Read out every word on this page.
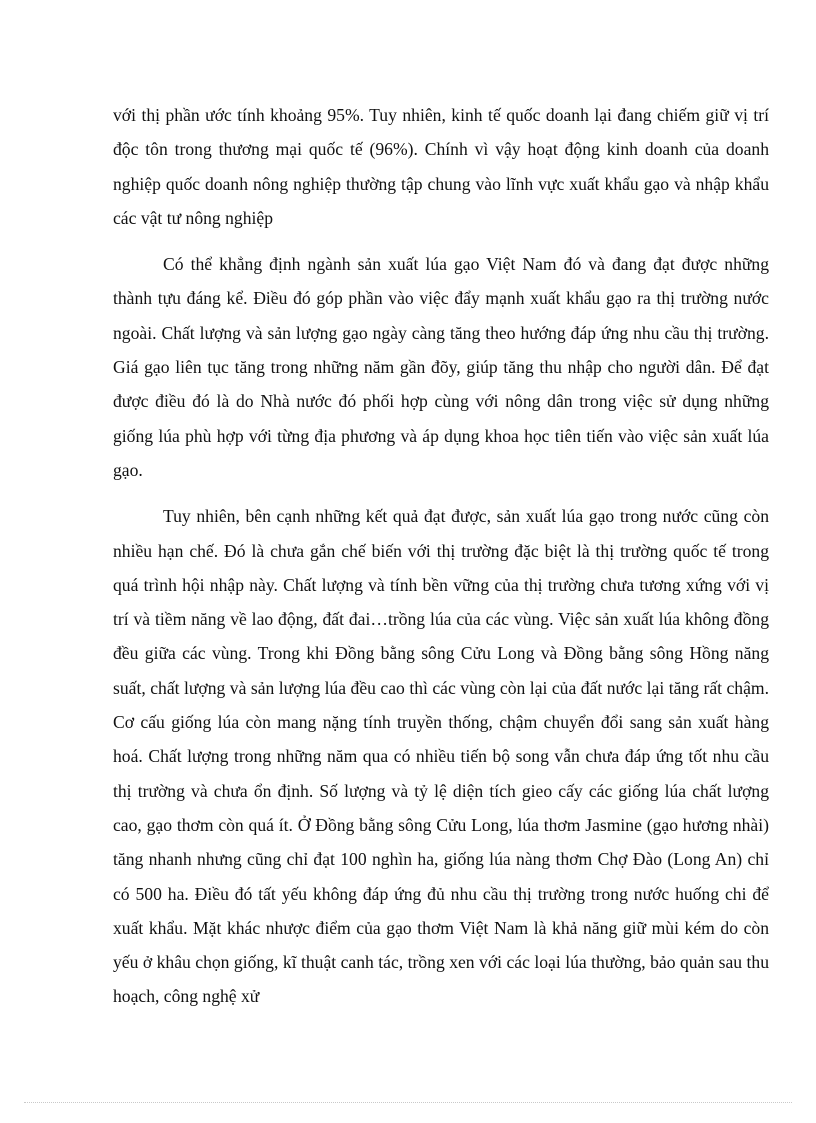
với thị phần ước tính khoảng 95%. Tuy nhiên, kinh tế quốc doanh lại đang chiếm giữ vị trí độc tôn trong thương mại quốc tế (96%). Chính vì vậy hoạt động kinh doanh của doanh nghiệp quốc doanh nông nghiệp thường tập chung vào lĩnh vực xuất khẩu gạo và nhập khẩu các vật tư nông nghiệp

Có thể khẳng định ngành sản xuất lúa gạo Việt Nam đó và đang đạt được những thành tựu đáng kể. Điều đó góp phần vào việc đẩy mạnh xuất khẩu gạo ra thị trường nước ngoài. Chất lượng và sản lượng gạo ngày càng tăng theo hướng đáp ứng nhu cầu thị trường. Giá gạo liên tục tăng trong những năm gần đõy, giúp tăng thu nhập cho người dân. Để đạt được điều đó là do Nhà nước đó phối hợp cùng với nông dân trong việc sử dụng những giống lúa phù hợp với từng địa phương và áp dụng khoa học tiên tiến vào việc sản xuất lúa gạo.

Tuy nhiên, bên cạnh những kết quả đạt được, sản xuất lúa gạo trong nước cũng còn nhiều hạn chế. Đó là chưa gắn chế biến với thị trường đặc biệt là thị trường quốc tế trong quá trình hội nhập này. Chất lượng và tính bền vững của thị trường chưa tương xứng với vị trí và tiềm năng về lao động, đất đai…trồng lúa của các vùng. Việc sản xuất lúa không đồng đều giữa các vùng. Trong khi Đồng bằng sông Cửu Long và Đồng bằng sông Hồng năng suất, chất lượng và sản lượng lúa đều cao thì các vùng còn lại của đất nước lại tăng rất chậm. Cơ cấu giống lúa còn mang nặng tính truyền thống, chậm chuyển đổi sang sản xuất hàng hoá. Chất lượng trong những năm qua có nhiều tiến bộ song vẫn chưa đáp ứng tốt nhu cầu thị trường và chưa ổn định. Số lượng và tỷ lệ diện tích gieo cấy các giống lúa chất lượng cao, gạo thơm còn quá ít. Ở Đồng bằng sông Cửu Long, lúa thơm Jasmine (gạo hương nhài) tăng nhanh nhưng cũng chỉ đạt 100 nghìn ha, giống lúa nàng thơm Chợ Đào (Long An) chỉ có 500 ha. Điều đó tất yếu không đáp ứng đủ nhu cầu thị trường trong nước huống chi để xuất khẩu. Mặt khác nhược điểm của gạo thơm Việt Nam là khả năng giữ mùi kém do còn yếu ở khâu chọn giống, kĩ thuật canh tác, trồng xen với các loại lúa thường, bảo quản sau thu hoạch, công nghệ xử
